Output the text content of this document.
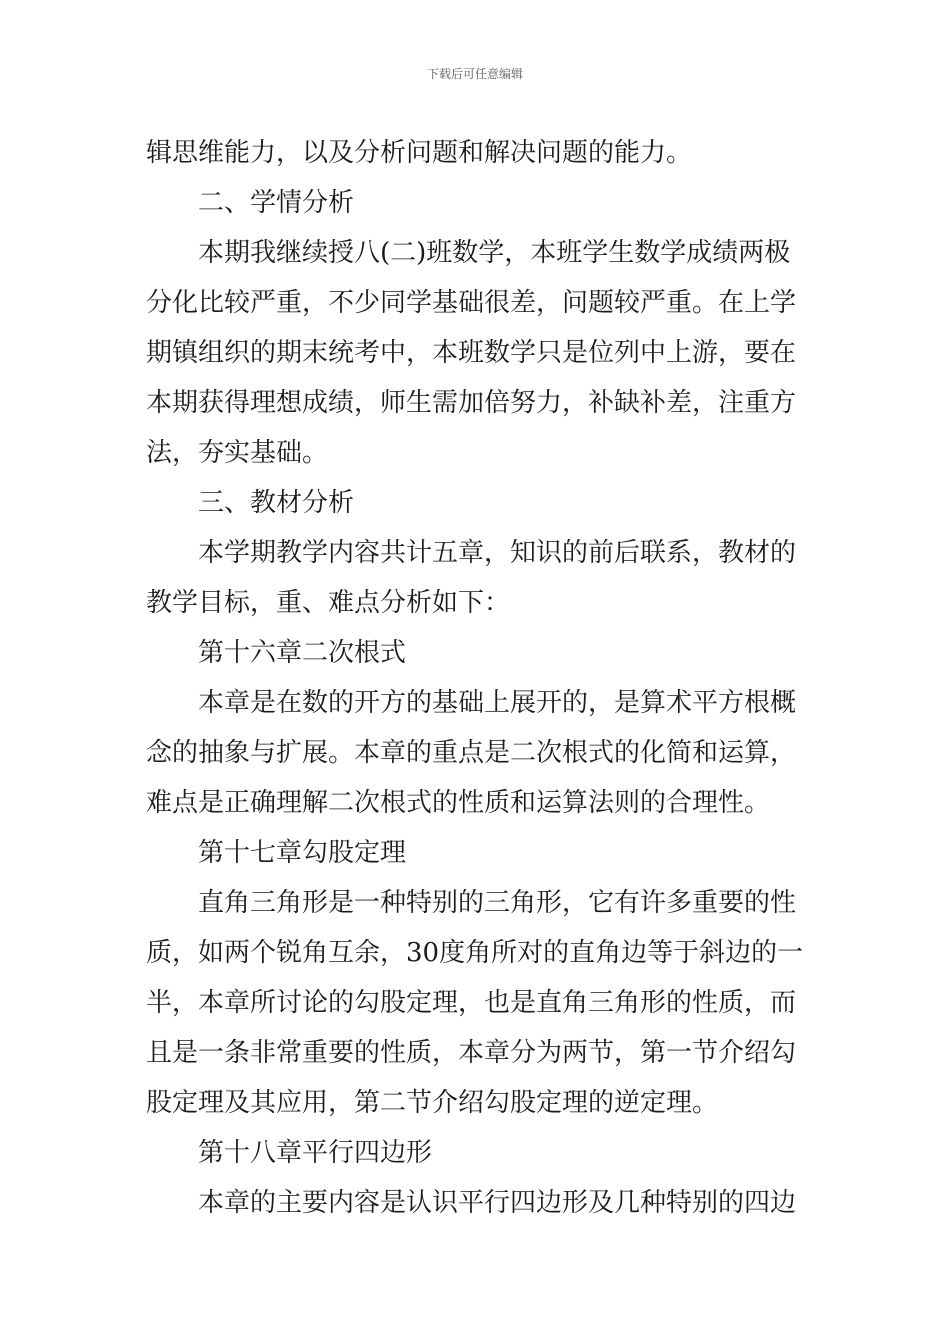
下载后可任意编辑
辑思维能力，以及分析问题和解决问题的能力。
二、学情分析
本期我继续授八(二)班数学，本班学生数学成绩两极
分化比较严重，不少同学基础很差，问题较严重。在上学
期镇组织的期末统考中，本班数学只是位列中上游，要在
本期获得理想成绩，师生需加倍努力，补缺补差，注重方
法，夯实基础。
三、教材分析
本学期教学内容共计五章，知识的前后联系，教材的
教学目标，重、难点分析如下：
第十六章二次根式
本章是在数的开方的基础上展开的，是算术平方根概
念的抽象与扩展。本章的重点是二次根式的化简和运算，
难点是正确理解二次根式的性质和运算法则的合理性。
第十七章勾股定理
直角三角形是一种特别的三角形，它有许多重要的性
质，如两个锐角互余，30度角所对的直角边等于斜边的一
半，本章所讨论的勾股定理，也是直角三角形的性质，而
且是一条非常重要的性质，本章分为两节，第一节介绍勾
股定理及其应用，第二节介绍勾股定理的逆定理。
第十八章平行四边形
本章的主要内容是认识平行四边形及几种特别的四边
